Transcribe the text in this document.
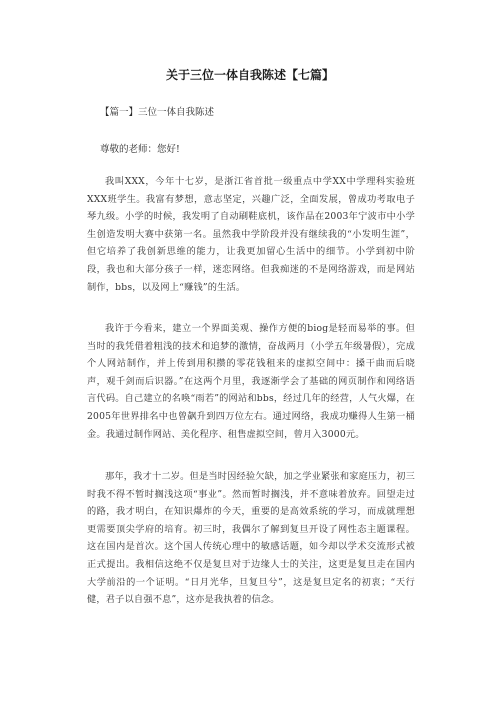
关于三位一体自我陈述【七篇】

【篇一】三位一体自我陈述

尊敬的老师：您好!

我叫XXX，今年十七岁，是浙江省首批一级重点中学XX中学理科实验班XXX班学生。我富有梦想，意志坚定，兴趣广泛，全面发展，曾成功考取电子琴九级。小学的时候，我发明了自动刷鞋底机，该作品在2003年宁波市中小学生创造发明大赛中获第一名。虽然我中学阶段并没有继续我的“小发明生涯”，但它培养了我创新思维的能力，让我更加留心生活中的细节。小学到初中阶段，我也和大部分孩子一样，迷恋网络。但我痴迷的不是网络游戏，而是网站制作，bbs，以及网上“赚钱”的生活。

我许于今看来，建立一个界面美观、操作方便的biog是轻而易举的事。但当时的我凭借着粗浅的技术和追梦的激情，奋战两月（小学五年级暑假），完成个人网站制作，并上传到用积攒的零花钱租来的虚拟空间中：搡干曲而后晓声，观千剑而后识器。”在这两个月里，我逐渐学会了基础的网页制作和网络语言代码。自己建立的名唤“雨若”的网站和bbs，经过几年的经营，人气火爆，在2005年世界排名中也曾飙升到四万位左右。通过网络，我成功赚得人生第一桶金。我通过制作网站、美化程序、租售虚拟空间，曾月入3000元。

那年，我才十二岁。但是当时因经验欠缺，加之学业紧张和家庭压力，初三时我不得不暂时搁浅这项“事业”。然而暂时搁浅，并不意味着放弃。回望走过的路，我才明白，在知识爆炸的今天，重要的是高效系统的学习，而成就理想更需要顶尖学府的培育。初三时，我偶尔了解到复旦开设了网性态主题课程。这在国内是首次。这个国人传统心理中的敏感话题，如今却以学术交流形式被正式提出。我相信这绝不仅是复旦对于边缘人士的关注，这更是复旦走在国内大学前沿的一个证明。“日月光华，旦复旦兮”，这是复旦定名的初衷；“天行健，君子以自强不息”，这亦是我执着的信念。
